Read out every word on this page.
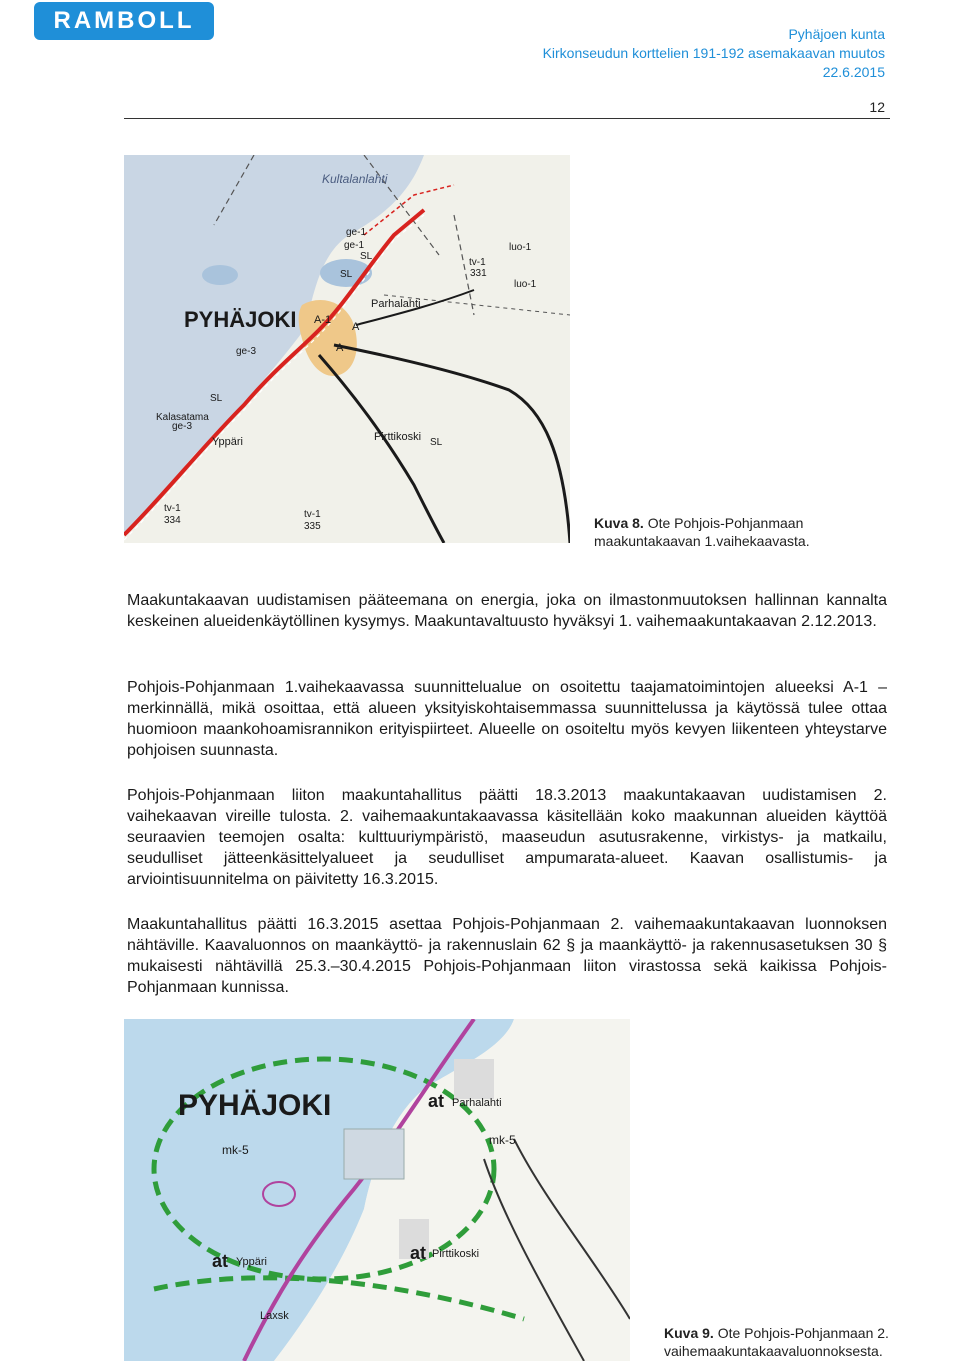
RAMBOLL	Pyhäjoen kunta
Kirkonseudun korttelien 191-192 asemakaavan muutos
22.6.2015
12
Kultalanlahti
PYHÄJOKI
Parhalahti
Pirttikoski
Yppäri
Kalasatama
ge-1
ge-1
ge-3
ge-3
SL
SL
SL
SL
A-1
A
A
tv-1
331
tv-1
334
tv-1
335
luo-1
luo-1
Kuva 8. Ote Pohjois-Pohjanmaan maakuntakaavan 1.vaihekaavasta.
Maakuntakaavan uudistamisen pääteemana on energia, joka on ilmastonmuutoksen hallinnan kannalta keskeinen alueidenkäytöllinen kysymys. Maakuntavaltuusto hyväksyi 1. vaihemaakuntakaavan 2.12.2013.
Pohjois-Pohjanmaan 1.vaihekaavassa suunnittelualue on osoitettu taajamatoimintojen alueeksi A-1 –merkinnällä, mikä osoittaa, että alueen yksityiskohtaisemmassa suunnittelussa ja käytössä tulee ottaa huomioon maankohoamisrannikon erityispiirteet. Alueelle on osoiteltu myös kevyen liikenteen yhteystarve pohjoisen suunnasta.
Pohjois-Pohjanmaan liiton maakuntahallitus päätti 18.3.2013 maakuntakaavan uudistamisen 2. vaihekaavan vireille tulosta. 2. vaihemaakuntakaavassa käsitellään koko maakunnan alueiden käyttöä seuraavien teemojen osalta: kulttuuriympäristö, maaseudun asutusrakenne, virkistys- ja matkailu, seudulliset jätteenkäsittelyalueet ja seudulliset ampumarata-alueet. Kaavan osallistumis- ja arviointisuunnitelma on päivitetty 16.3.2015.
Maakuntahallitus päätti 16.3.2015 asettaa Pohjois-Pohjanmaan 2. vaihemaakuntakaavan luonnoksen nähtäville. Kaavaluonnos on maankäyttö- ja rakennuslain 62 § ja maankäyttö- ja rakennusasetuksen 30 § mukaisesti nähtävillä 25.3.–30.4.2015 Pohjois-Pohjanmaan liiton virastossa sekä kaikissa Pohjois-Pohjanmaan kunnissa.
PYHÄJOKI	at Parhalahti
mk-5
mk-5
at Yppäri	at Pirttikoski
Laxsk
Kuva 9. Ote Pohjois-Pohjanmaan 2. vaihemaakuntakaavaluonnoksesta.
